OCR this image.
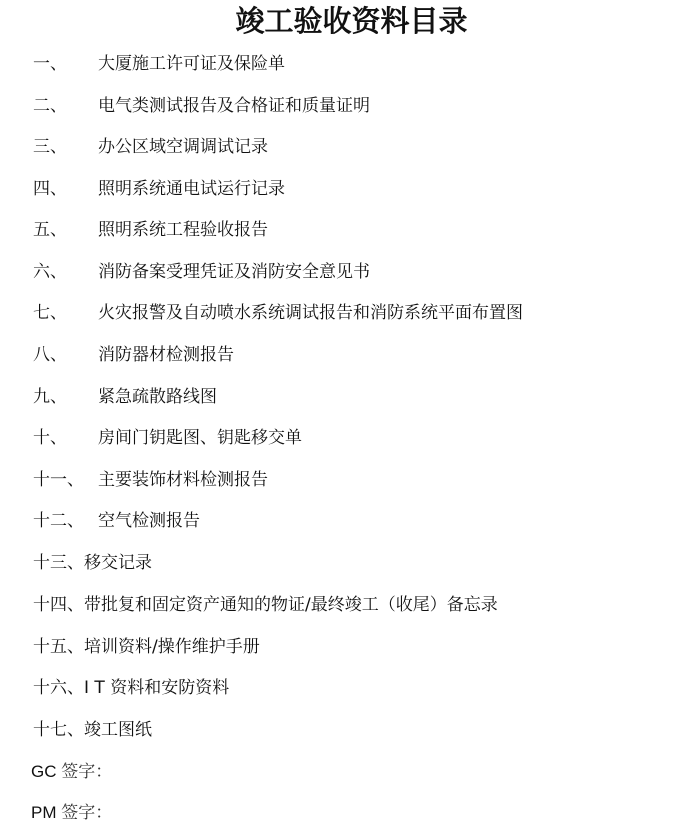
竣工验收资料目录
一、 大厦施工许可证及保险单
二、 电气类测试报告及合格证和质量证明
三、 办公区域空调调试记录
四、 照明系统通电试运行记录
五、 照明系统工程验收报告
六、 消防备案受理凭证及消防安全意见书
七、 火灾报警及自动喷水系统调试报告和消防系统平面布置图
八、 消防器材检测报告
九、 紧急疏散路线图
十、 房间门钥匙图、钥匙移交单
十一、 主要装饰材料检测报告
十二、 空气检测报告
十三、移交记录
十四、带批复和固定资产通知的物证/最终竣工（收尾）备忘录
十五、培训资料/操作维护手册
十六、I T 资料和安防资料
十七、竣工图纸
GC 签字：
PM 签字：
